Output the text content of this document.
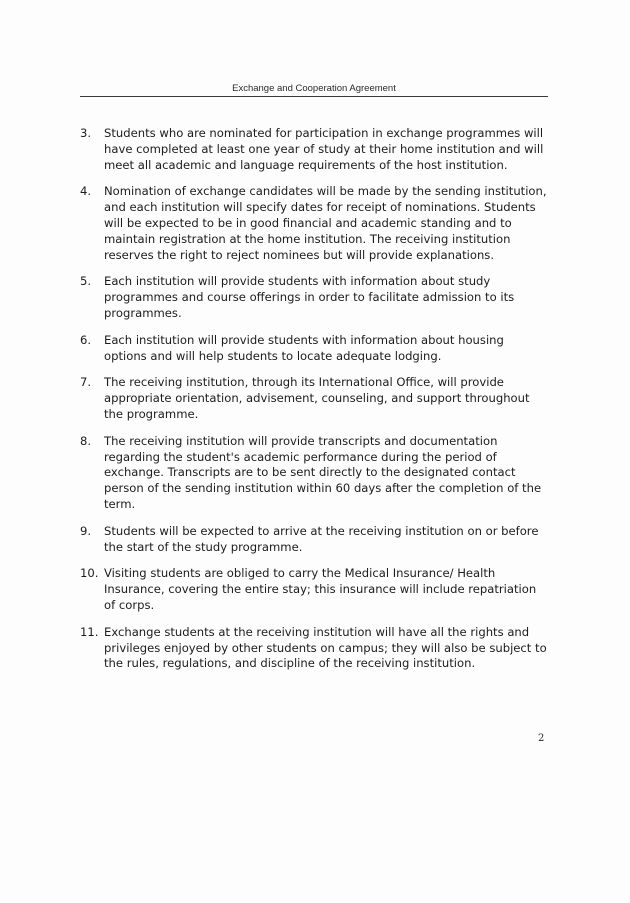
Exchange and Cooperation Agreement
3. Students who are nominated for participation in exchange programmes will have completed at least one year of study at their home institution and will meet all academic and language requirements of the host institution.
4. Nomination of exchange candidates will be made by the sending institution, and each institution will specify dates for receipt of nominations. Students will be expected to be in good financial and academic standing and to maintain registration at the home institution. The receiving institution reserves the right to reject nominees but will provide explanations.
5. Each institution will provide students with information about study programmes and course offerings in order to facilitate admission to its programmes.
6. Each institution will provide students with information about housing options and will help students to locate adequate lodging.
7. The receiving institution, through its International Office, will provide appropriate orientation, advisement, counseling, and support throughout the programme.
8. The receiving institution will provide transcripts and documentation regarding the student's academic performance during the period of exchange. Transcripts are to be sent directly to the designated contact person of the sending institution within 60 days after the completion of the term.
9. Students will be expected to arrive at the receiving institution on or before the start of the study programme.
10. Visiting students are obliged to carry the Medical Insurance/ Health Insurance, covering the entire stay; this insurance will include repatriation of corps.
11. Exchange students at the receiving institution will have all the rights and privileges enjoyed by other students on campus; they will also be subject to the rules, regulations, and discipline of the receiving institution.
2
